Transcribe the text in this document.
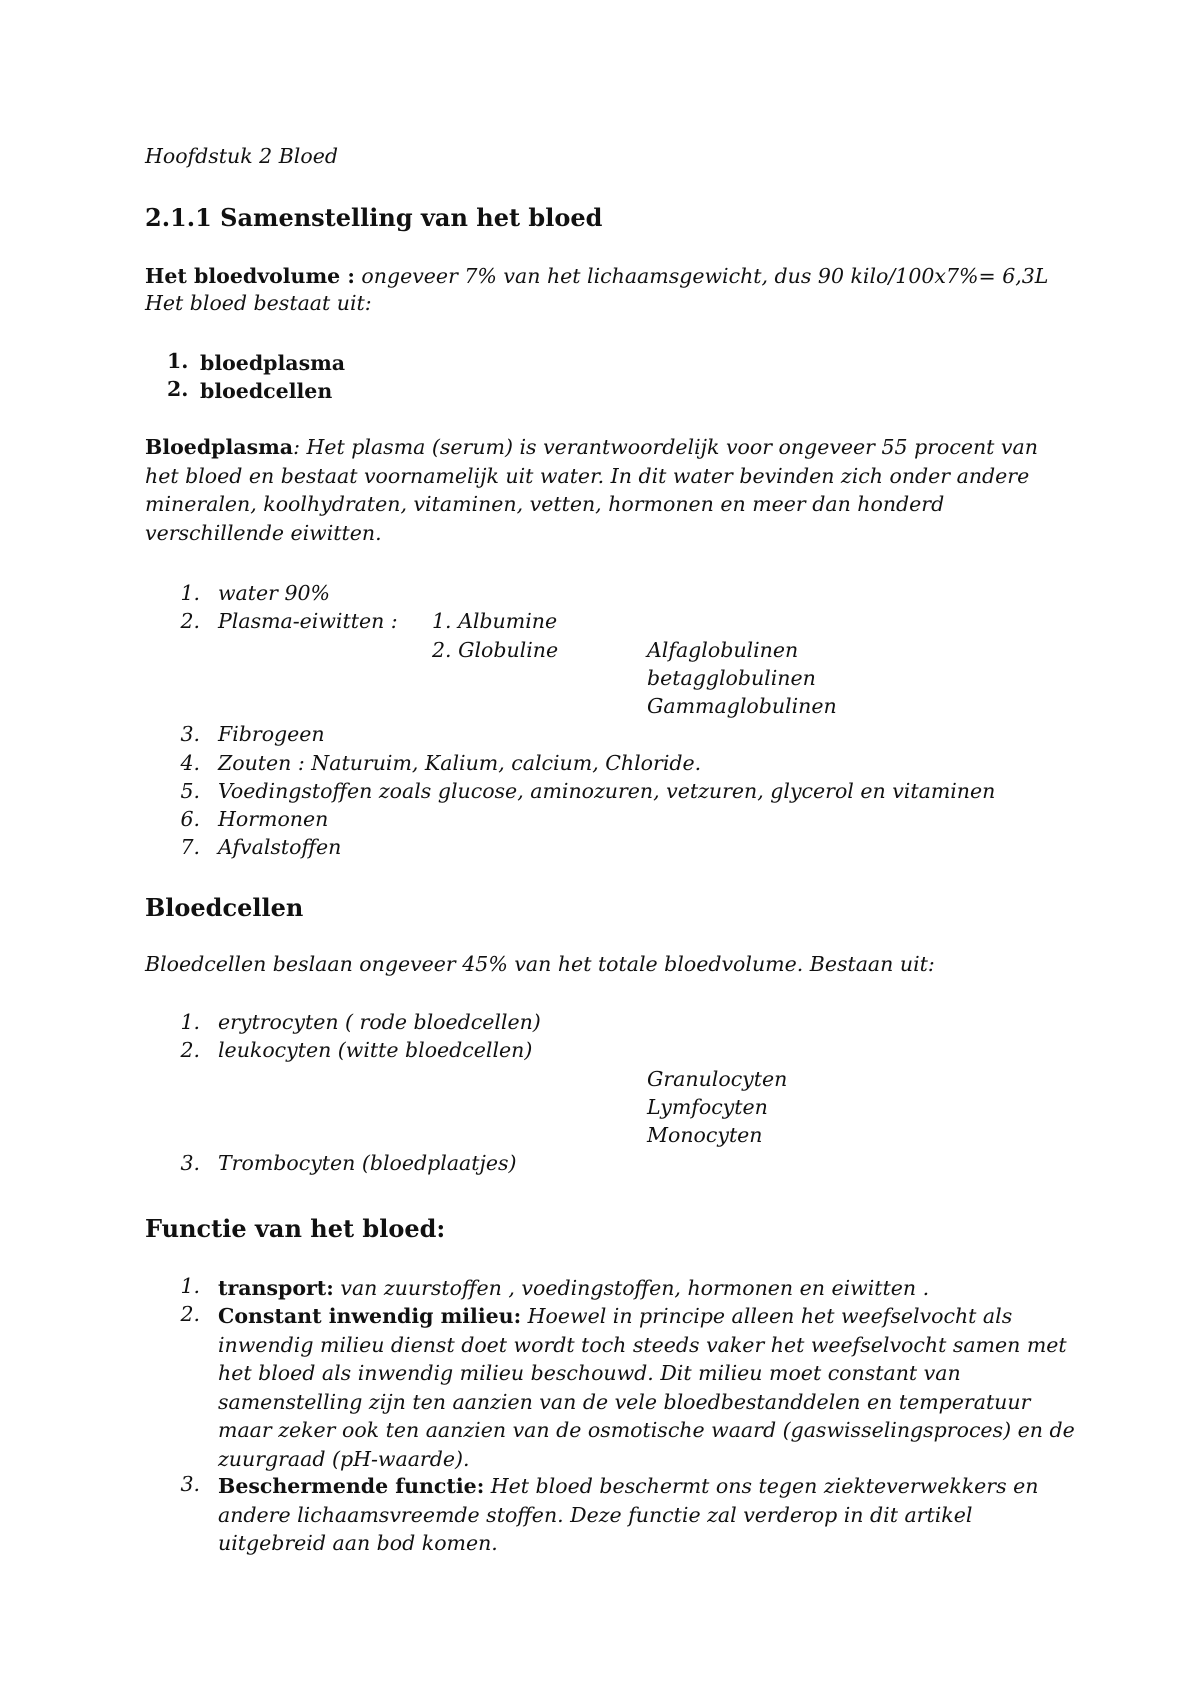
Hoofdstuk 2 Bloed
2.1.1 Samenstelling van het bloed
Het bloedvolume : ongeveer 7% van het lichaamsgewicht, dus 90 kilo/100x7%= 6,3L
Het bloed bestaat uit:
1. bloedplasma
2. bloedcellen
Bloedplasma: Het plasma (serum) is verantwoordelijk voor ongeveer 55 procent van het bloed en bestaat voornamelijk uit water. In dit water bevinden zich onder andere mineralen, koolhydraten, vitaminen, vetten, hormonen en meer dan honderd verschillende eiwitten.
1. water 90%
2. Plasma-eiwitten : 1. Albumine
2. Globuline	Alfaglobulinen
betagglobulinen
Gammaglobulinen
3. Fibrogeen
4. Zouten : Naturuim, Kalium, calcium, Chloride.
5. Voedingstoffen zoals glucose, aminozuren, vetzuren, glycerol en vitaminen
6. Hormonen
7. Afvalstoffen
Bloedcellen
Bloedcellen beslaan ongeveer 45% van het totale bloedvolume. Bestaan uit:
1. erytrocyten ( rode bloedcellen)
2. leukocyten (witte bloedcellen)
Granulocyten
Lymfocyten
Monocyten
3. Trombocyten (bloedplaatjes)
Functie van het bloed:
1. transport: van zuurstoffen , voedingstoffen, hormonen en eiwitten .
2. Constant inwendig milieu: Hoewel in principe alleen het weefselvocht als inwendig milieu dienst doet wordt toch steeds vaker het weefselvocht samen met het bloed als inwendig milieu beschouwd. Dit milieu moet constant van samenstelling zijn ten aanzien van de vele bloedbestanddelen en temperatuur maar zeker ook ten aanzien van de osmotische waard (gaswisselingsproces) en de zuurgraad (pH-waarde).
3. Beschermende functie: Het bloed beschermt ons tegen ziekteverwekkers en andere lichaamsvreemde stoffen. Deze functie zal verderop in dit artikel uitgebreid aan bod komen.
